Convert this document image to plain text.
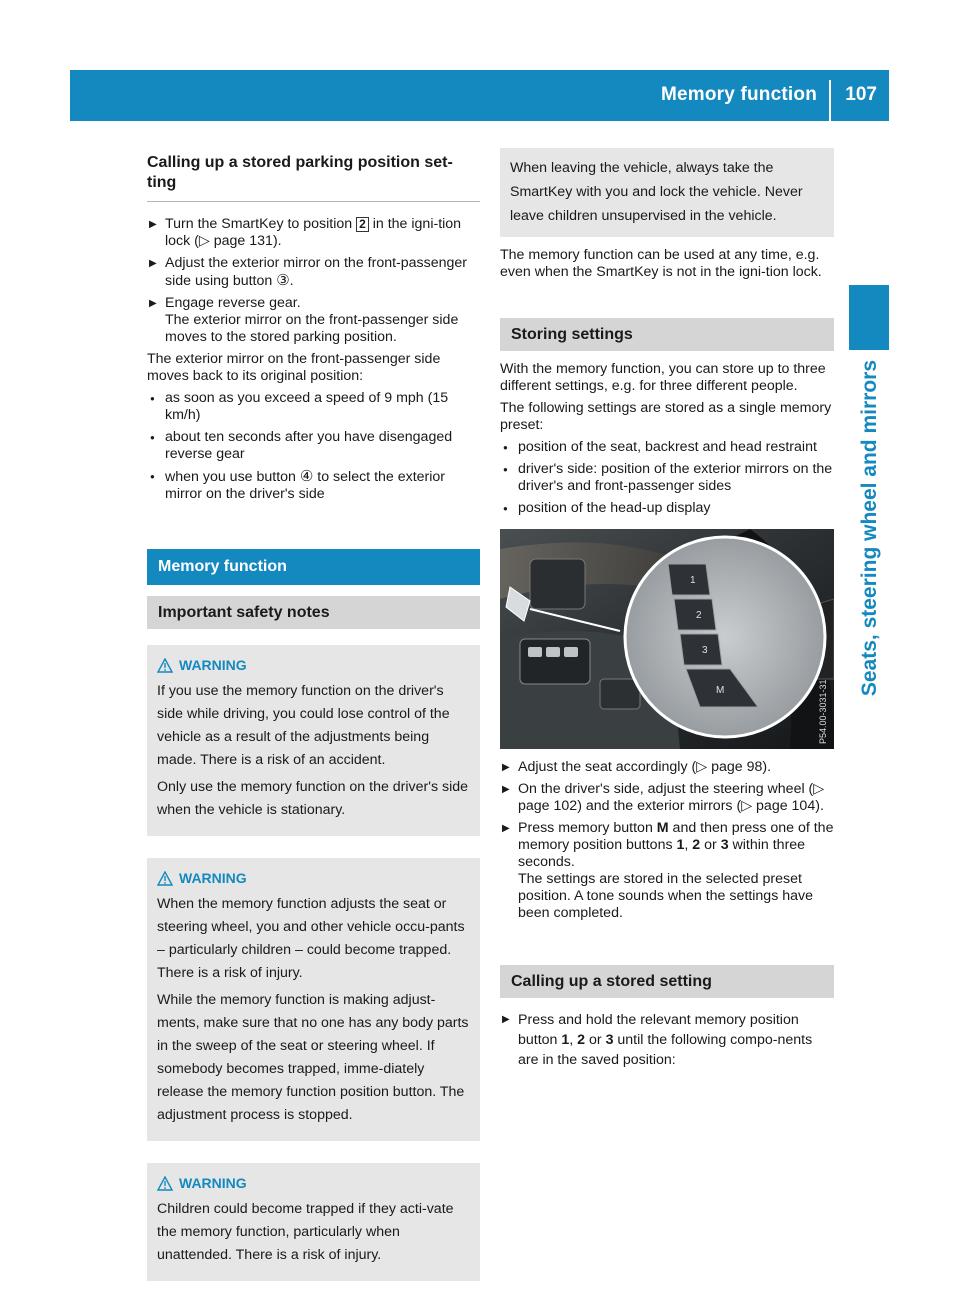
Memory function 107
Seats, steering wheel and mirrors
Calling up a stored parking position set-ting
▶ Turn the SmartKey to position 2 in the igni-tion lock (▷ page 131).
▶ Adjust the exterior mirror on the front-passenger side using button ③.
▶ Engage reverse gear.
The exterior mirror on the front-passenger side moves to the stored parking position.

The exterior mirror on the front-passenger side moves back to its original position:

● as soon as you exceed a speed of 9 mph (15 km/h)
● about ten seconds after you have disengaged reverse gear
● when you use button ④ to select the exterior mirror on the driver's side
Memory function
Important safety notes
WARNING

If you use the memory function on the driver's side while driving, you could lose control of the vehicle as a result of the adjustments being made. There is a risk of an accident.

Only use the memory function on the driver's side when the vehicle is stationary.

WARNING

When the memory function adjusts the seat or steering wheel, you and other vehicle occu-pants – particularly children – could become trapped. There is a risk of injury.

While the memory function is making adjust-ments, make sure that no one has any body parts in the sweep of the seat or steering wheel. If somebody becomes trapped, imme-diately release the memory function position button. The adjustment process is stopped.

WARNING

Children could become trapped if they acti-vate the memory function, particularly when unattended. There is a risk of injury.

When leaving the vehicle, always take the SmartKey with you and lock the vehicle. Never leave children unsupervised in the vehicle.

The memory function can be used at any time, e.g. even when the SmartKey is not in the igni-tion lock.

Storing settings

With the memory function, you can store up to three different settings, e.g. for three different people.

The following settings are stored as a single memory preset:

● position of the seat, backrest and head restraint
● driver's side: position of the exterior mirrors on the driver's and front-passenger sides
● position of the head-up display
1
2
3
M	P54.00-3031-31
▶ Adjust the seat accordingly (▷ page 98).
▶ On the driver's side, adjust the steering wheel (▷ page 102) and the exterior mirrors (▷ page 104).
▶ Press memory button M and then press one of the memory position buttons 1, 2 or 3 within three seconds.
The settings are stored in the selected preset position. A tone sounds when the settings have been completed.
Calling up a stored setting
▶ Press and hold the relevant memory position button 1, 2 or 3 until the following compo-nents are in the saved position:
